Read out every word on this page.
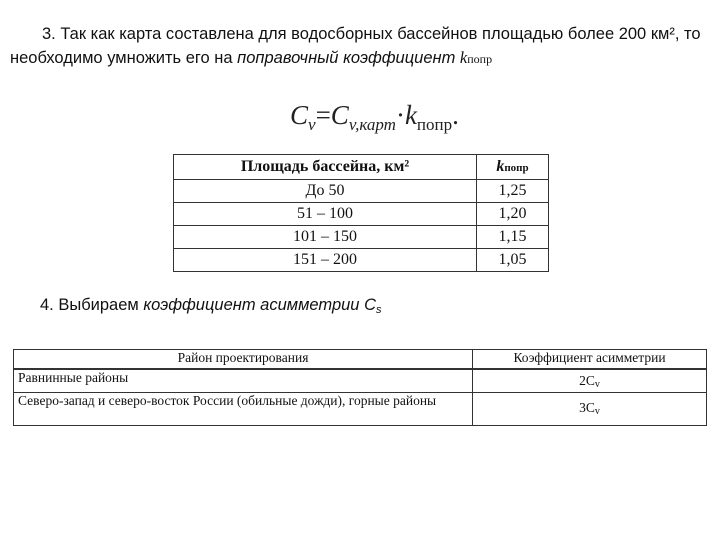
3. Так как карта составлена для водосборных бассейнов площадью более 200 км², то необходимо умножить его на поправочный коэффициент kпопр
$C_v=C_{v,карт}\cdot k_{попр}$.
Площадь бассейна, км²	kпопр
До 50	1,25
51 – 100	1,20
101 – 150	1,15
151 – 200	1,05
4. Выбираем коэффициент асимметрии Cs
Район проектирования	Коэффициент асимметрии
Равнинные районы	2Cv
Северо-запад и северо-восток России (обильные дожди), горные районы	3Cv
